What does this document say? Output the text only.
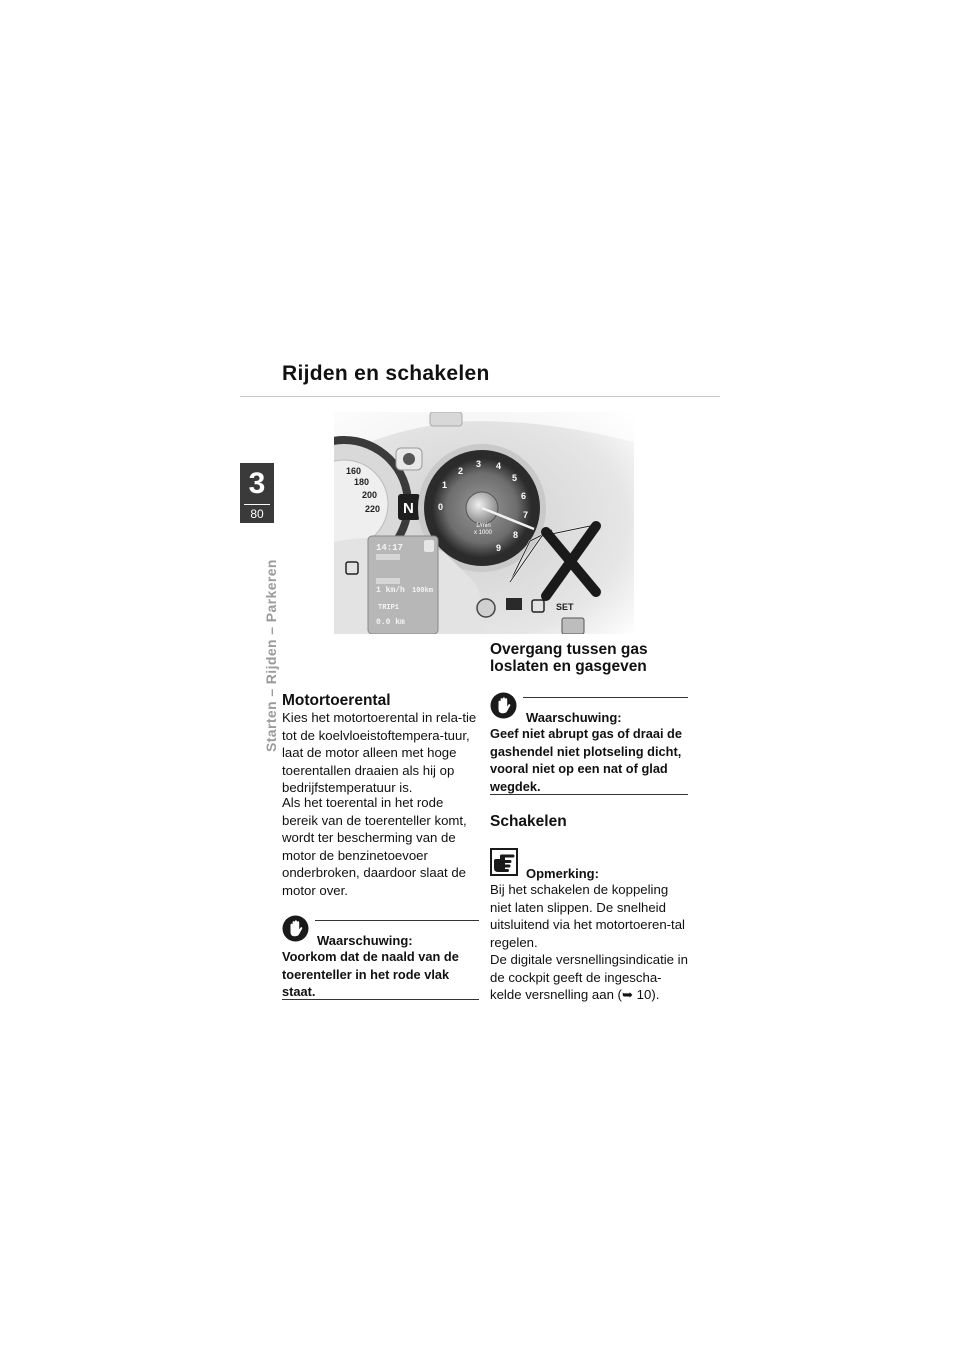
Rijden en schakelen
3
80
Starten – Rijden – Parkeren
160
180
200
220 N	0
1
2
3 4
5
6
7
8
9
1/min
x 1000
14:17
1 km/h 100km
TRIP1
0.0 km
SET
Motortoerental
Kies het motortoerental in rela-tie tot de koelvloeistoftempera-tuur, laat de motor alleen met hoge toerentallen draaien als hij op bedrijfstemperatuur is.
Als het toerental in het rode bereik van de toerenteller komt, wordt ter bescherming van de motor de benzinetoevoer onderbroken, daardoor slaat de motor over.
Waarschuwing:
Voorkom dat de naald van de toerenteller in het rode vlak staat.
Overgang tussen gas
loslaten en gasgeven
Waarschuwing:
Geef niet abrupt gas of draai de gashendel niet plotseling dicht, vooral niet op een nat of glad wegdek.
Schakelen
Opmerking:
Bij het schakelen de koppeling niet laten slippen. De snelheid uitsluitend via het motortoeren-tal regelen.
De digitale versnellingsindicatie in de cockpit geeft de ingescha-kelde versnelling aan (➥ 10).
